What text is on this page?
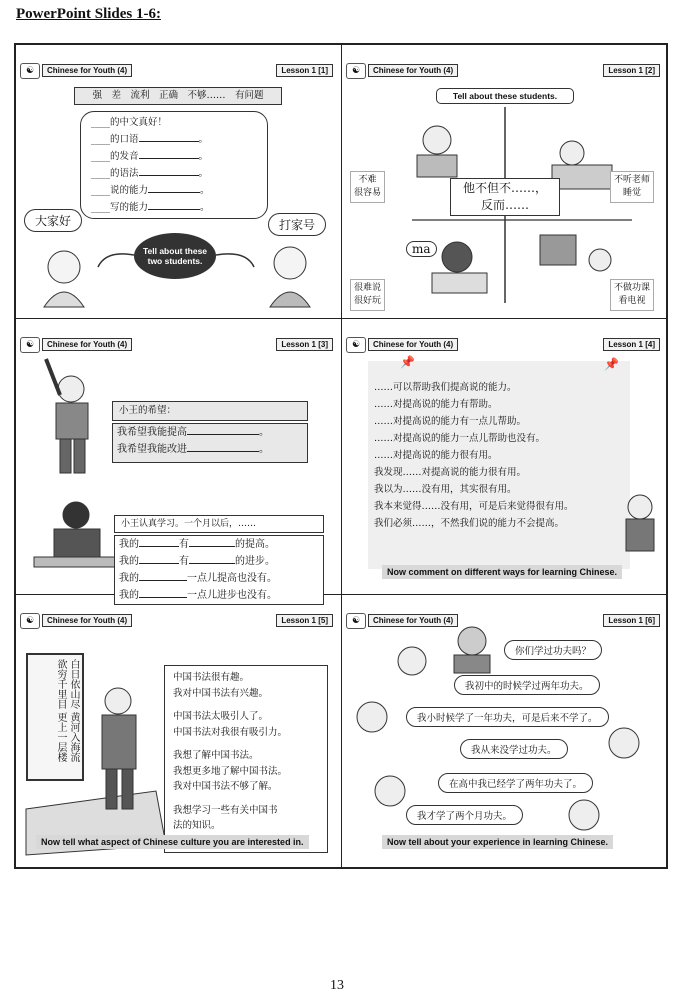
PowerPoint Slides 1-6:
☯	Chinese for Youth (4)	Lesson 1 [1]
强　差　流利　正确　不够……　有问题
____的中文真好！
____的口语	。
____的发音	。
____的语法	。
____说的能力	。
____写的能力	。
大家好	打家号
Tell about these two students.
☯	Chinese for Youth (4)	Lesson 1 [2]
Tell about these students.
不难
很容易
不听老师
睡觉
很难说
很好玩
不做功课
看电视
他不但不……，
反而……
ma
☯	Chinese for Youth (4)	Lesson 1 [3]
小王的希望：
我希望我能提高	。
我希望我能改进	。
小王认真学习。一个月以后，……
我的	有	的提高。
我的	有	的进步。
我的	一点儿提高也没有。
我的	一点儿进步也没有。
☯	Chinese for Youth (4)	Lesson 1 [4]
📌	📌
……可以帮助我们提高说的能力。
……对提高说的能力有帮助。
……对提高说的能力有一点儿帮助。
……对提高说的能力一点儿帮助也没有。
……对提高说的能力很有用。
我发现……对提高说的能力很有用。
我以为……没有用，其实很有用。
我本来觉得……没有用，可是后来觉得很有用。
我们必须……，不然我们说的能力不会提高。
Now comment on different ways for learning Chinese.
☯	Chinese for Youth (4)	Lesson 1 [5]
白日依山尽 黄河入海流 欲穷千里目 更上一层楼	中国书法很有趣。
我对中国书法有兴趣。
中国书法太吸引人了。
中国书法对我很有吸引力。
我想了解中国书法。
我想更多地了解中国书法。
我对中国书法不够了解。
我想学习一些有关中国书
法的知识。
Now tell what aspect of Chinese culture you are interested in.
☯	Chinese for Youth (4)	Lesson 1 [6]
你们学过功夫吗？
我初中的时候学过两年功夫。
我小时候学了一年功夫，可是后来不学了。
我从来没学过功夫。
在高中我已经学了两年功夫了。
我才学了两个月功夫。
Now tell about your experience in learning Chinese.
13
